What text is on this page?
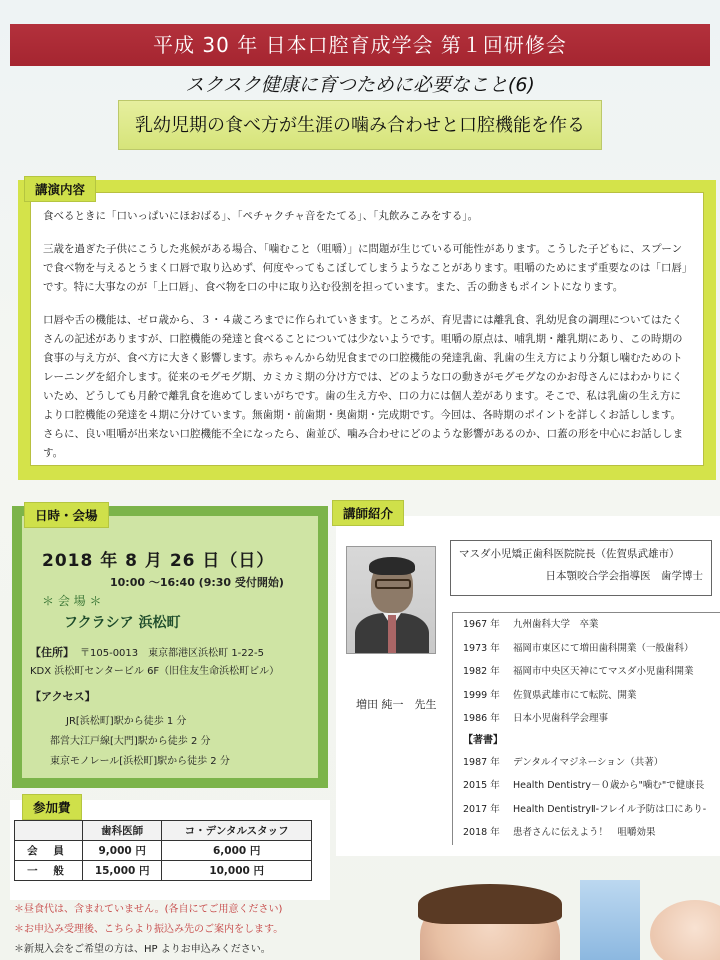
平成 30 年 日本口腔育成学会 第１回研修会
スクスク健康に育つために必要なこと(6)
乳幼児期の食べ方が生涯の噛み合わせと口腔機能を作る

食べるときに「口いっぱいにほおばる」、「ペチャクチャ音をたてる」、「丸飲みこみをする」。

三歳を過ぎた子供にこうした兆候がある場合、「噛むこと（咀嚼）」に問題が生じている可能性があります。こうした子どもに、スプーンで食べ物を与えるとうまく口唇で取り込めず、何度やってもこぼしてしまうようなことがあります。咀嚼のためにまず重要なのは「口唇」です。特に大事なのが「上口唇」、食べ物を口の中に取り込む役割を担っています。また、舌の動きもポイントになります。

口唇や舌の機能は、ゼロ歳から、３・４歳ころまでに作られていきます。ところが、育児書には離乳食、乳幼児食の調理についてはたくさんの記述がありますが、口腔機能の発達と食べることについては少ないようです。咀嚼の原点は、哺乳期・離乳期にあり、この時期の食事の与え方が、食べ方に大きく影響します。赤ちゃんから幼児食までの口腔機能の発達乳歯、乳歯の生え方により分類し噛むためのトレーニングを紹介します。従来のモグモグ期、カミカミ期の分け方では、どのような口の動きがモグモグなのかお母さんにはわかりにくいため、どうしても月齢で離乳食を進めてしまいがちです。歯の生え方や、口の力には個人差があります。そこで、私は乳歯の生え方により口腔機能の発達を４期に分けています。無歯期・前歯期・奥歯期・完成期です。今回は、各時期のポイントを詳しくお話しします。さらに、良い咀嚼が出来ない口腔機能不全になったら、歯並び、噛み合わせにどのような影響があるのか、口蓋の形を中心にお話しします。

講演内容
2018 年 8 月 26 日（日）
10:00 ～16:40 (9:30 受付開始)
＊ 会 場 ＊
フクラシア 浜松町
【住所】 〒105-0013　東京都港区浜松町 1-22-5
KDX 浜松町センタービル 6F（旧住友生命浜松町ビル）
【アクセス】
JR[浜松町]駅から徒歩 1 分
都営大江戸線[大門]駅から徒歩 2 分
東京モノレール[浜松町]駅から徒歩 2 分
日時・会場
参加費
	歯科医師	コ・デンタルスタッフ
会 員	9,000 円	6,000 円
一 般	15,000 円	10,000 円
＊昼食代は、含まれていません。(各自にてご用意ください)
＊お申込み受理後、こちらより振込み先のご案内をします。
＊新規入会をご希望の方は、HP よりお申込みください。
講師紹介
増田 純一　先生
マスダ小児矯正歯科医院院長（佐賀県武雄市）
日本顎咬合学会指導医　歯学博士
1967 年	九州歯科大学　卒業
1973 年	福岡市東区にて増田歯科開業（一般歯科）
1982 年	福岡市中央区天神にてマスダ小児歯科開業
1999 年	佐賀県武雄市にて転院、開業
1986 年	日本小児歯科学会理事
【著書】
1987 年	デンタルイマジネーション（共著）
2015 年	Health Dentistry－０歳から"噛む"で健康長
2017 年	Health DentistryⅡ-フレイル予防は口にあり-
2018 年	患者さんに伝えよう！　咀嚼効果
